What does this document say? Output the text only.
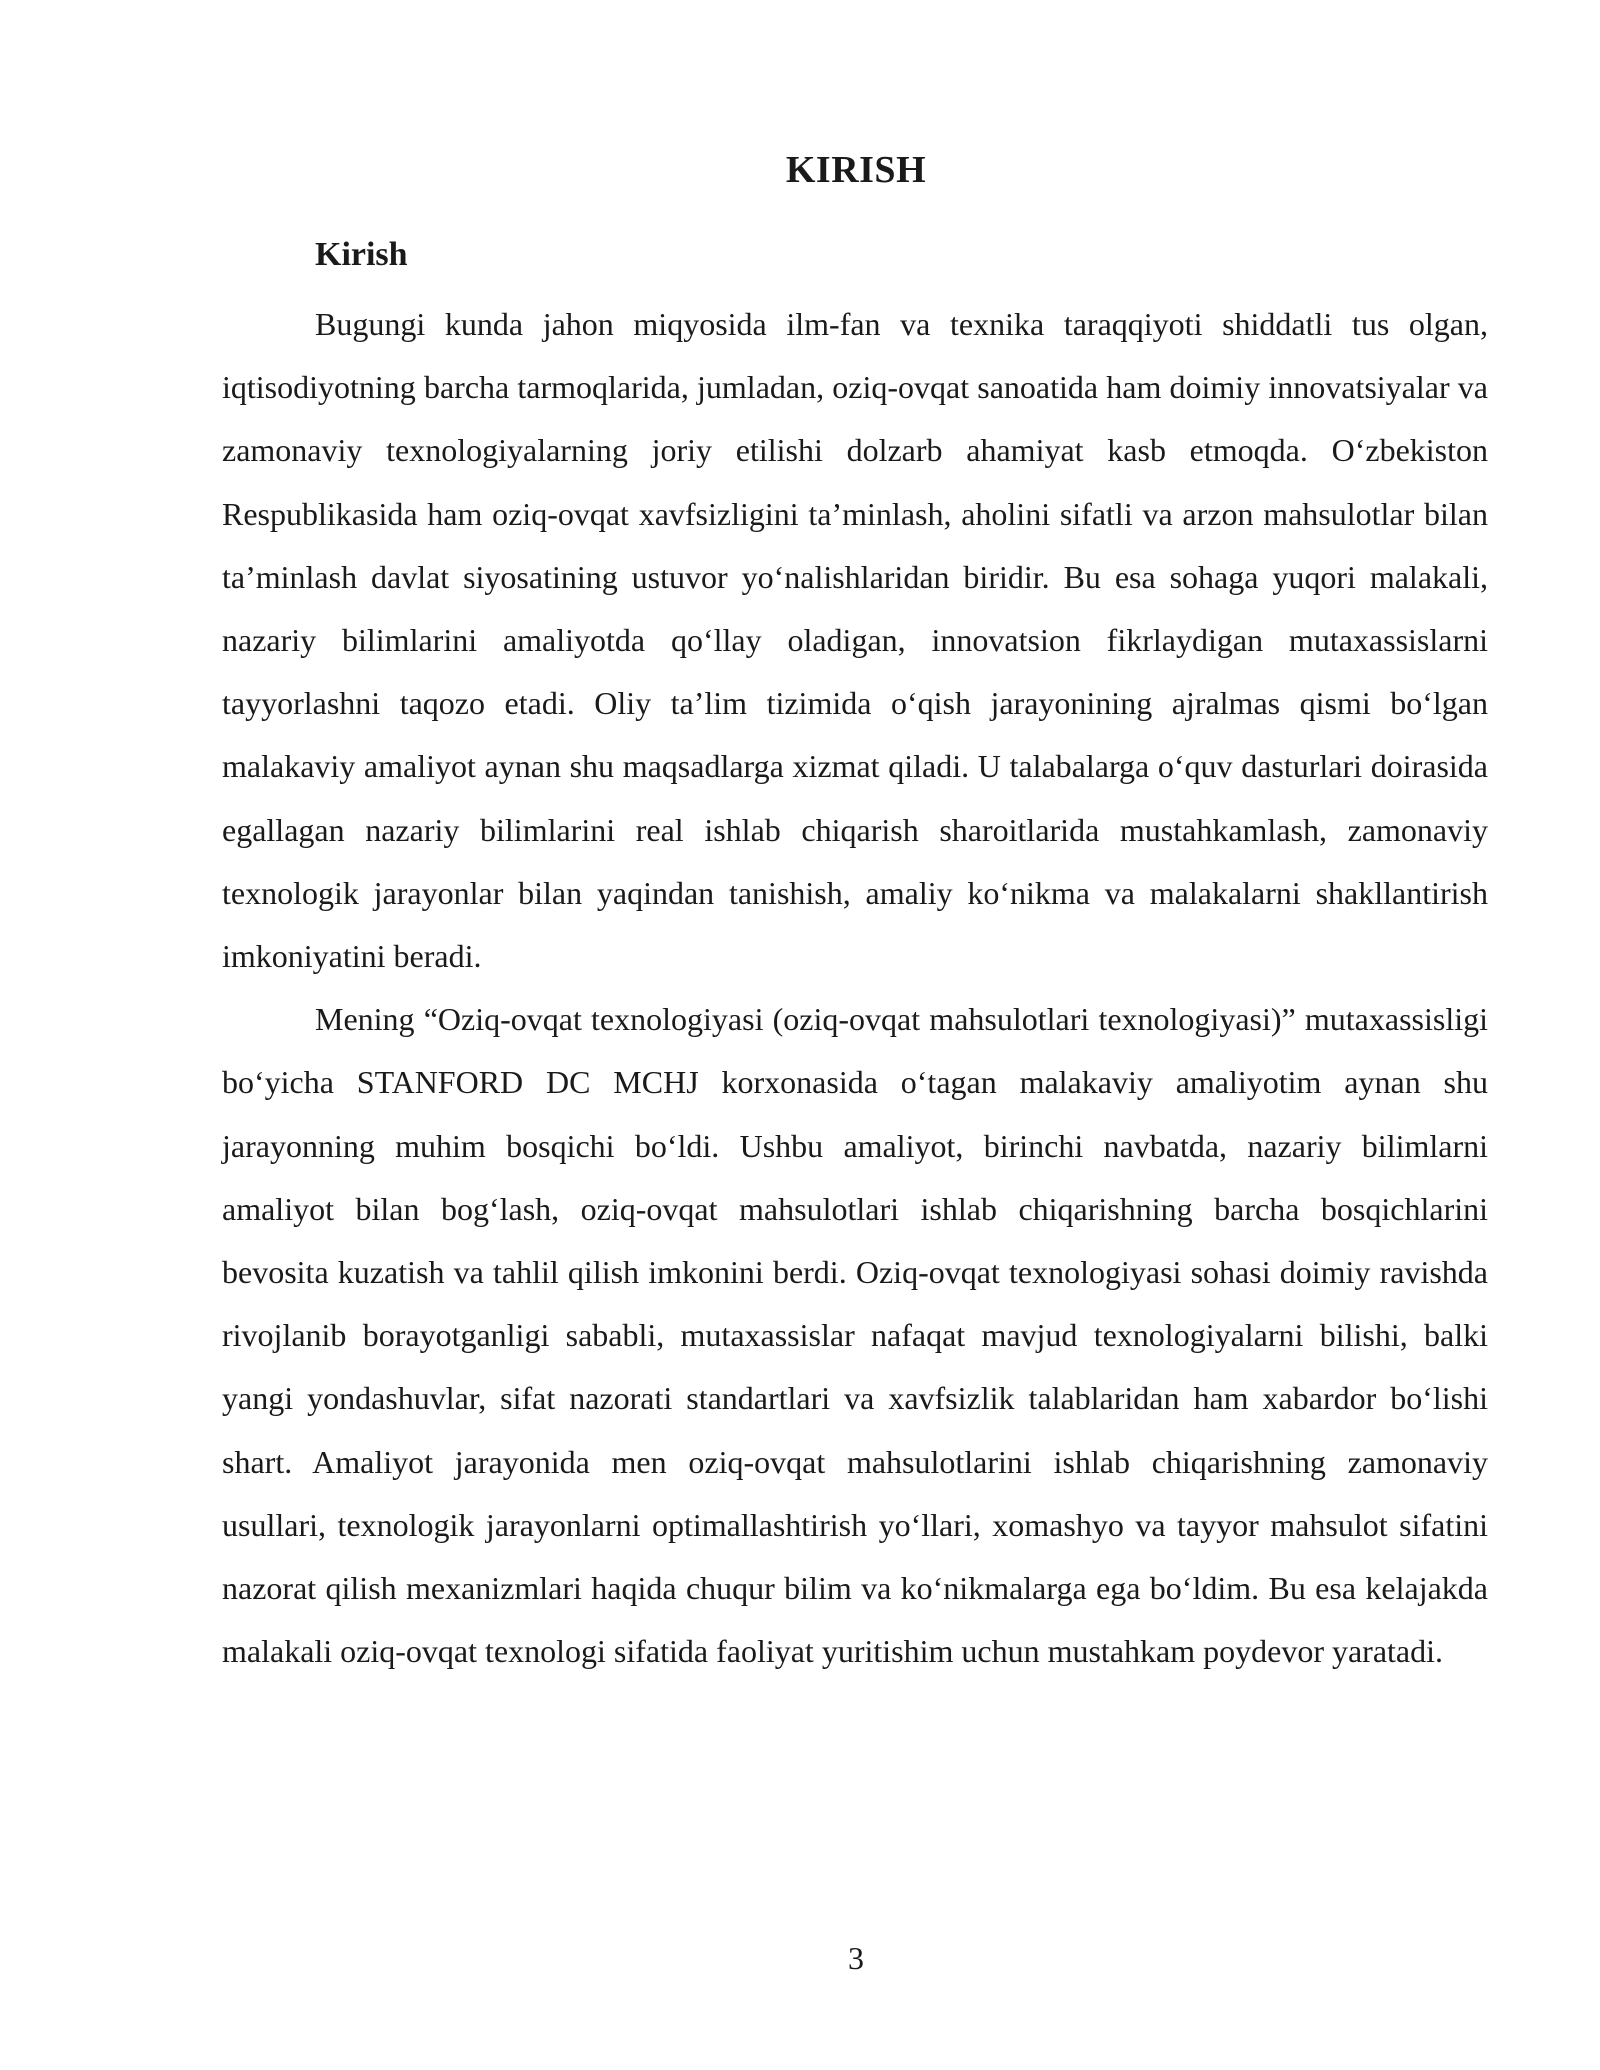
KIRISH
Kirish

Bugungi kunda jahon miqyosida ilm-fan va texnika taraqqiyoti shiddatli tus olgan, iqtisodiyotning barcha tarmoqlarida, jumladan, oziq-ovqat sanoatida ham doimiy innovatsiyalar va zamonaviy texnologiyalarning joriy etilishi dolzarb ahamiyat kasb etmoqda. O‘zbekiston Respublikasida ham oziq-ovqat xavfsizligini ta’minlash, aholini sifatli va arzon mahsulotlar bilan ta’minlash davlat siyosatining ustuvor yo‘nalishlaridan biridir. Bu esa sohaga yuqori malakali, nazariy bilimlarini amaliyotda qo‘llay oladigan, innovatsion fikrlaydigan mutaxassislarni tayyorlashni taqozo etadi. Oliy ta’lim tizimida o‘qish jarayonining ajralmas qismi bo‘lgan malakaviy amaliyot aynan shu maqsadlarga xizmat qiladi. U talabalarga o‘quv dasturlari doirasida egallagan nazariy bilimlarini real ishlab chiqarish sharoitlarida mustahkamlash, zamonaviy texnologik jarayonlar bilan yaqindan tanishish, amaliy ko‘nikma va malakalarni shakllantirish imkoniyatini beradi.

Mening “Oziq-ovqat texnologiyasi (oziq-ovqat mahsulotlari texnologiyasi)” mutaxassisligi bo‘yicha STANFORD DC MCHJ korxonasida o‘tagan malakaviy amaliyotim aynan shu jarayonning muhim bosqichi bo‘ldi. Ushbu amaliyot, birinchi navbatda, nazariy bilimlarni amaliyot bilan bog‘lash, oziq-ovqat mahsulotlari ishlab chiqarishning barcha bosqichlarini bevosita kuzatish va tahlil qilish imkonini berdi. Oziq-ovqat texnologiyasi sohasi doimiy ravishda rivojlanib borayotganligi sababli, mutaxassislar nafaqat mavjud texnologiyalarni bilishi, balki yangi yondashuvlar, sifat nazorati standartlari va xavfsizlik talablaridan ham xabardor bo‘lishi shart. Amaliyot jarayonida men oziq-ovqat mahsulotlarini ishlab chiqarishning zamonaviy usullari, texnologik jarayonlarni optimallashtirish yo‘llari, xomashyo va tayyor mahsulot sifatini nazorat qilish mexanizmlari haqida chuqur bilim va ko‘nikmalarga ega bo‘ldim. Bu esa kelajakda malakali oziq-ovqat texnologi sifatida faoliyat yuritishim uchun mustahkam poydevor yaratadi.

3
